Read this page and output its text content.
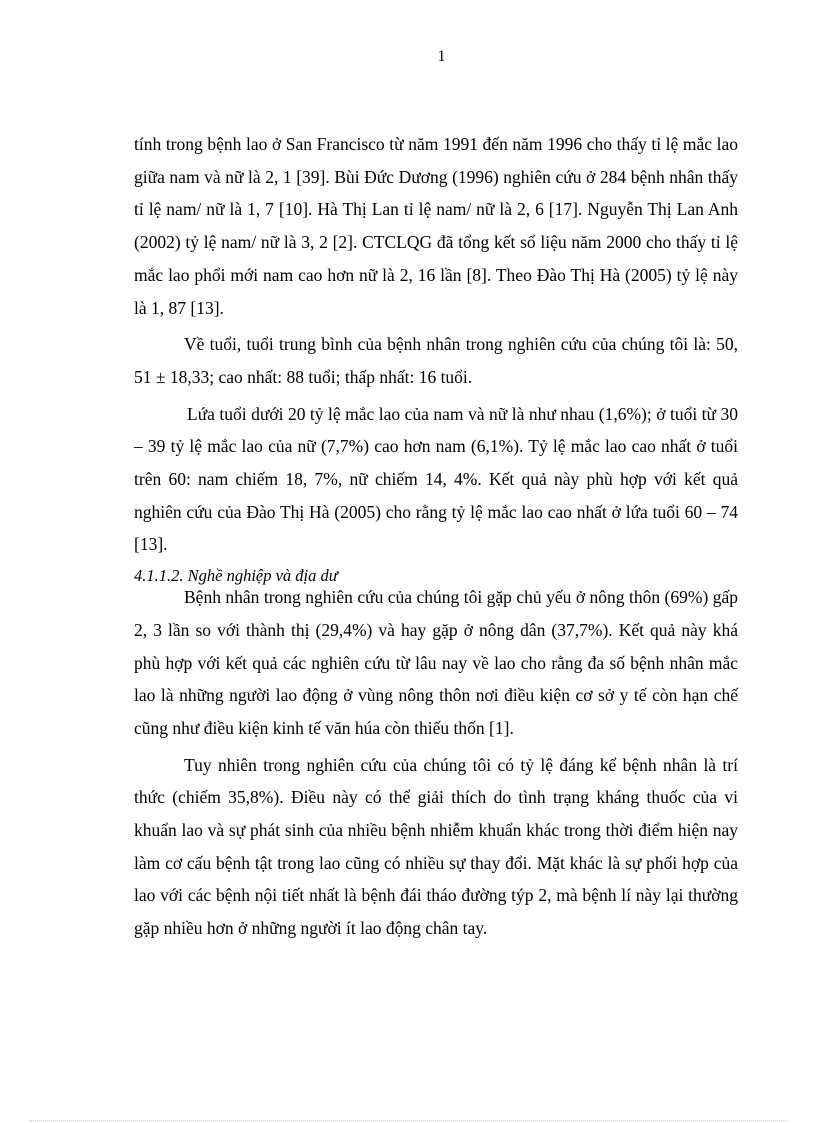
1

tính trong bệnh lao ở San Francisco từ năm 1991 đến năm 1996 cho thấy tỉ lệ mắc lao giữa nam và nữ là 2, 1 [39]. Bùi Đức Dương (1996) nghiên cứu ở 284 bệnh nhân thấy tỉ lệ nam/ nữ là 1, 7 [10]. Hà Thị Lan tỉ lệ nam/ nữ là 2, 6 [17]. Nguyễn Thị Lan Anh (2002) tỷ lệ nam/ nữ là 3, 2 [2]. CTCLQG đã tổng kết số liệu năm 2000 cho thấy tỉ lệ mắc lao phổi mới nam cao hơn nữ là 2, 16 lần [8]. Theo Đào Thị Hà (2005) tỷ lệ này là 1, 87 [13].

Về tuổi, tuổi trung bình của bệnh nhân trong nghiên cứu của chúng tôi là: 50, 51 ± 18,33; cao nhất: 88 tuổi; thấp nhất: 16 tuổi.

Lứa tuổi dưới 20 tỷ lệ mắc lao của nam và nữ là như nhau (1,6%); ở tuổi từ 30 – 39 tỷ lệ mắc lao của nữ (7,7%) cao hơn nam (6,1%). Tỷ lệ mắc lao cao nhất ở tuổi trên 60: nam chiếm 18, 7%, nữ chiếm 14, 4%. Kết quả này phù hợp với kết quả nghiên cứu của Đào Thị Hà (2005) cho rằng tỷ lệ mắc lao cao nhất ở lứa tuổi 60 – 74 [13].

4.1.1.2. Nghề nghiệp và địa dư

Bệnh nhân trong nghiên cứu của chúng tôi gặp chủ yếu ở nông thôn (69%) gấp 2, 3 lần so với thành thị (29,4%) và hay gặp ở nông dân (37,7%). Kết quả này khá phù hợp với kết quả các nghiên cứu từ lâu nay về lao cho rằng đa số bệnh nhân mắc lao là những người lao động ở vùng nông thôn nơi điều kiện cơ sở y tế còn hạn chế cũng như điều kiện kinh tế văn húa còn thiếu thốn [1].

Tuy nhiên trong nghiên cứu của chúng tôi có tỷ lệ đáng kể bệnh nhân là trí thức (chiếm 35,8%). Điều này có thể giải thích do tình trạng kháng thuốc của vi khuẩn lao và sự phát sinh của nhiều bệnh nhiễm khuẩn khác trong thời điểm hiện nay làm cơ cấu bệnh tật trong lao cũng có nhiều sự thay đổi. Mặt khác là sự phối hợp của lao với các bệnh nội tiết nhất là bệnh đái tháo đường týp 2, mà bệnh lí này lại thường gặp nhiều hơn ở những người ít lao động chân tay.
